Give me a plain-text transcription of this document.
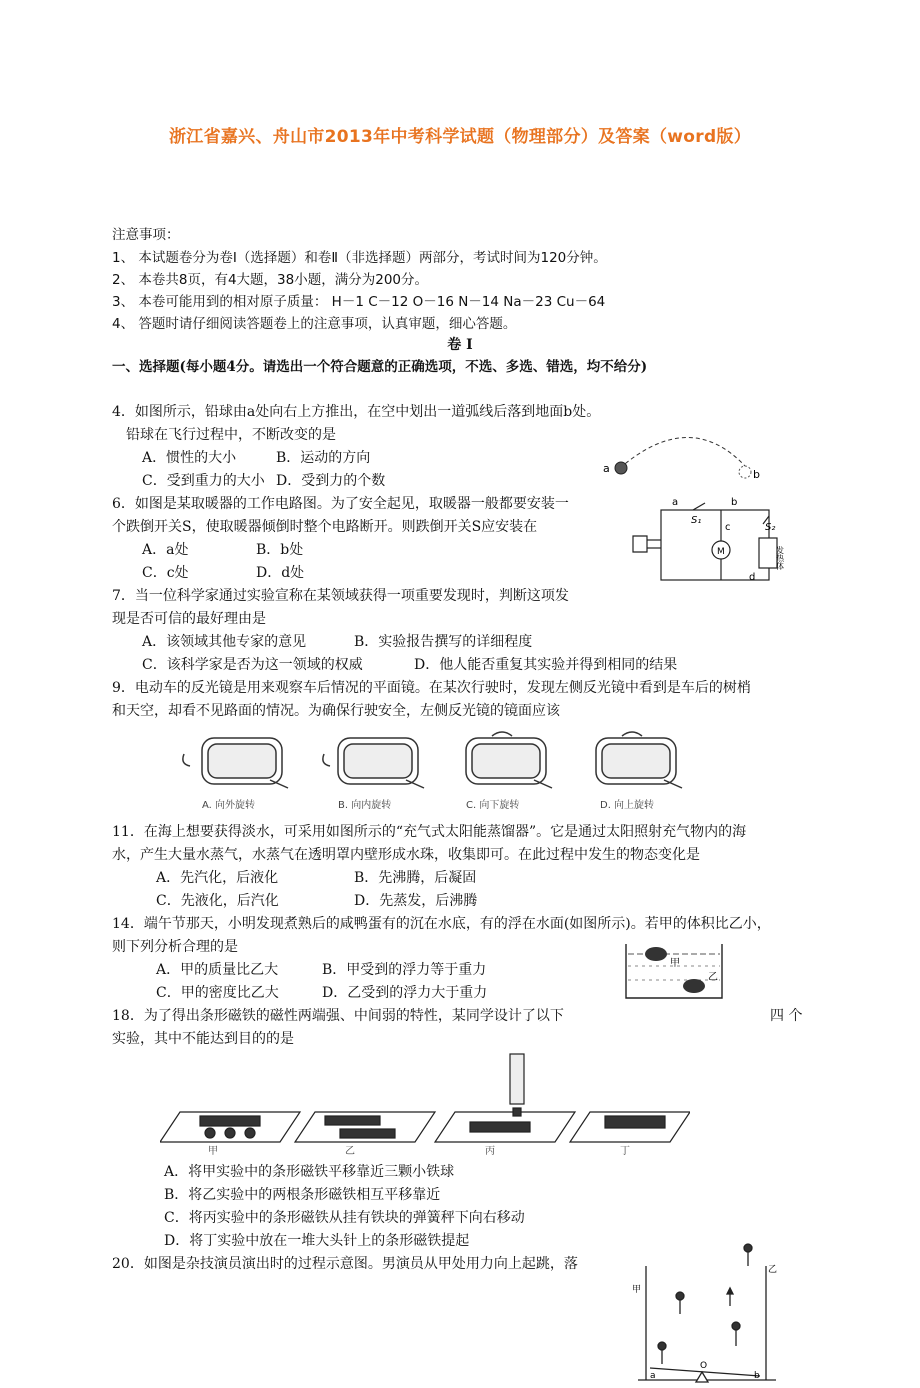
浙江省嘉兴、舟山市2013年中考科学试题（物理部分）及答案（word版）
注意事项：
1、 本试题卷分为卷Ⅰ（选择题）和卷Ⅱ（非选择题）两部分，考试时间为120分钟。
2、 本卷共8页，有4大题，38小题，满分为200分。
3、 本卷可能用到的相对原子质量： H－1 C－12 O－16 N－14 Na－23 Cu－64
4、 答题时请仔细阅读答题卷上的注意事项，认真审题，细心答题。
卷 I
一、选择题(每小题4分。请选出一个符合题意的正确选项，不选、多选、错选，均不给分)
4．如图所示，铅球由a处向右上方推出，在空中划出一道弧线后落到地面b处。
铅球在飞行过程中，不断改变的是
A．惯性的大小	B．运动的方向
C．受到重力的大小 D．受到力的个数
a	b
6．如图是某取暖器的工作电路图。为了安全起见，取暖器一般都要安装一
个跌倒开关S，使取暖器倾倒时整个电路断开。则跌倒开关S应安装在
A．a处	B．b处
C．c处	D．d处
a	b
c
d
S₁
S₂
M	发热体
7．当一位科学家通过实验宣称在某领域获得一项重要发现时，判断这项发
现是否可信的最好理由是
A．该领域其他专家的意见	B．实验报告撰写的详细程度
C．该科学家是否为这一领域的权威	D．他人能否重复其实验并得到相同的结果
9．电动车的反光镜是用来观察车后情况的平面镜。在某次行驶时，发现左侧反光镜中看到是车后的树梢
和天空，却看不见路面的情况。为确保行驶安全，左侧反光镜的镜面应该
A. 向外旋转	B. 向内旋转	C. 向下旋转	D. 向上旋转
11．在海上想要获得淡水，可采用如图所示的“充气式太阳能蒸馏器”。它是通过太阳照射充气物内的海
水，产生大量水蒸气，水蒸气在透明罩内壁形成水珠，收集即可。在此过程中发生的物态变化是
A．先汽化，后液化	B．先沸腾，后凝固
C．先液化，后汽化	D．先蒸发，后沸腾
14．端午节那天，小明发现煮熟后的咸鸭蛋有的沉在水底，有的浮在水面(如图所示)。若甲的体积比乙小，
则下列分析合理的是
A．甲的质量比乙大	B．甲受到的浮力等于重力
C．甲的密度比乙大	D．乙受到的浮力大于重力
甲
乙
18．为了得出条形磁铁的磁性两端强、中间弱的特性，某同学设计了以下	四 个
实验，其中不能达到目的的是
甲	乙	丙	丁
A．将甲实验中的条形磁铁平移靠近三颗小铁球
B．将乙实验中的两根条形磁铁相互平移靠近
C．将丙实验中的条形磁铁从挂有铁块的弹簧秤下向右移动
D．将丁实验中放在一堆大头针上的条形磁铁提起
20．如图是杂技演员演出时的过程示意图。男演员从甲处用力向上起跳，落
甲
乙
a
O
b
